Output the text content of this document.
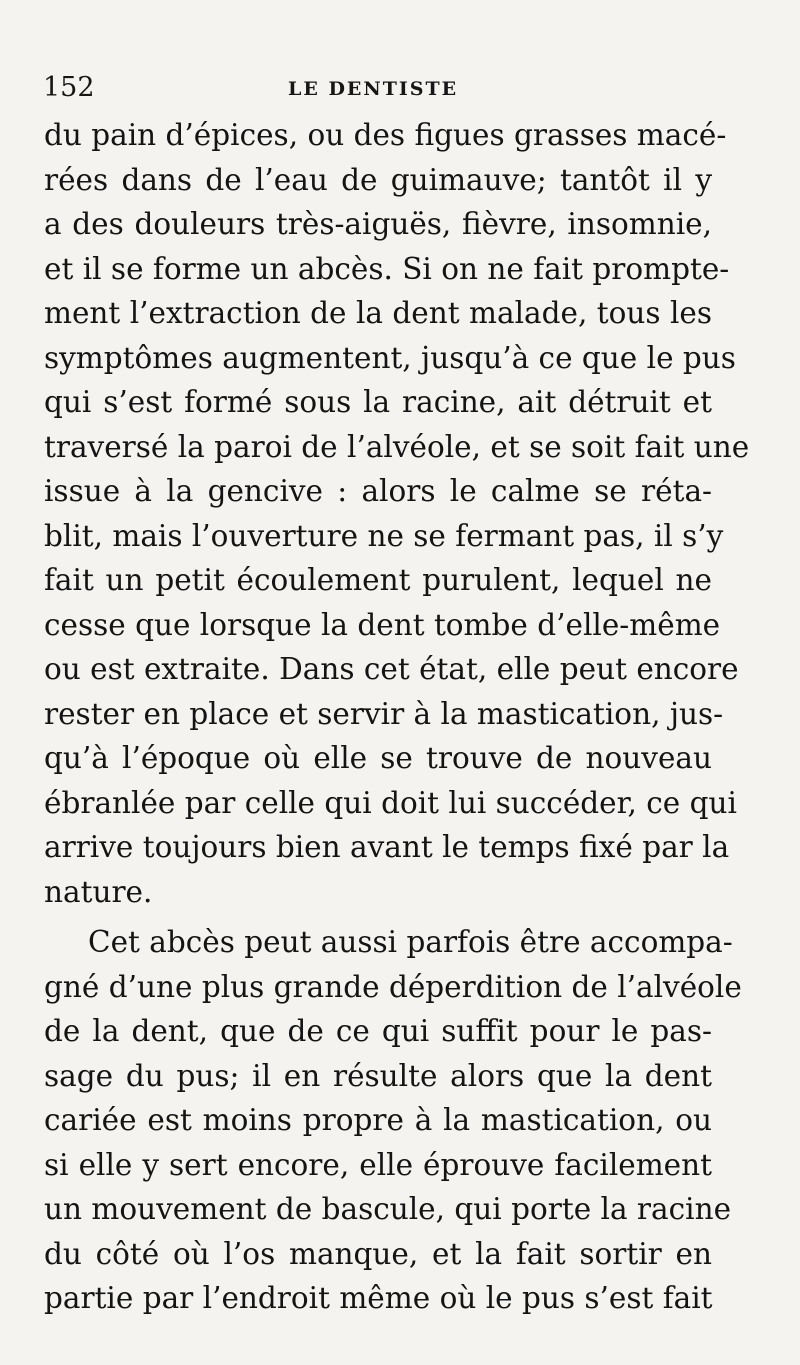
152	LE DENTISTE
du pain d’épices, ou des figues grasses macé-
rées dans de l’eau de guimauve; tantôt il y
a des douleurs très-aiguës, fièvre, insomnie,
et il se forme un abcès. Si on ne fait prompte-
ment l’extraction de la dent malade, tous les
symptômes augmentent, jusqu’à ce que le pus
qui s’est formé sous la racine, ait détruit et
traversé la paroi de l’alvéole, et se soit fait une
issue à la gencive : alors le calme se réta-
blit, mais l’ouverture ne se fermant pas, il s’y
fait un petit écoulement purulent, lequel ne
cesse que lorsque la dent tombe d’elle-même
ou est extraite. Dans cet état, elle peut encore
rester en place et servir à la mastication, jus-
qu’à l’époque où elle se trouve de nouveau
ébranlée par celle qui doit lui succéder, ce qui
arrive toujours bien avant le temps fixé par la
nature.
Cet abcès peut aussi parfois être accompa-
gné d’une plus grande déperdition de l’alvéole
de la dent, que de ce qui suffit pour le pas-
sage du pus; il en résulte alors que la dent
cariée est moins propre à la mastication, ou
si elle y sert encore, elle éprouve facilement
un mouvement de bascule, qui porte la racine
du côté où l’os manque, et la fait sortir en
partie par l’endroit même où le pus s’est fait
